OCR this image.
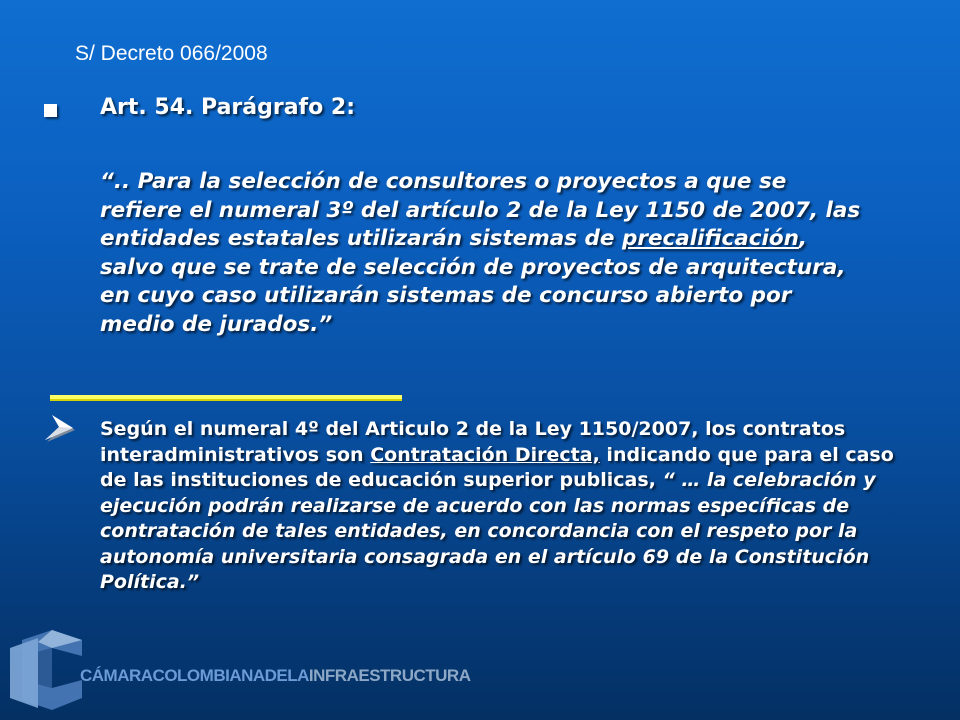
S/ Decreto 066/2008
Art. 54. Parágrafo 2:
“.. Para la selección de consultores o proyectos a que se refiere el numeral 3º del artículo 2 de la Ley 1150 de 2007, las entidades estatales utilizarán sistemas de precalificación, salvo que se trate de selección de proyectos de arquitectura, en cuyo caso utilizarán sistemas de concurso abierto por medio de jurados.”
Según el numeral 4º del Articulo 2 de la Ley 1150/2007, los contratos interadministrativos son Contratación Directa, indicando que para el caso de las instituciones de educación superior publicas, “ … la celebración y ejecución podrán realizarse de acuerdo con las normas específicas de contratación de tales entidades, en concordancia con el respeto por la autonomía universitaria consagrada en el artículo 69 de la Constitución Política.”
CÁMARACOLOMBIANADELAINFRAESTRUCTURA
